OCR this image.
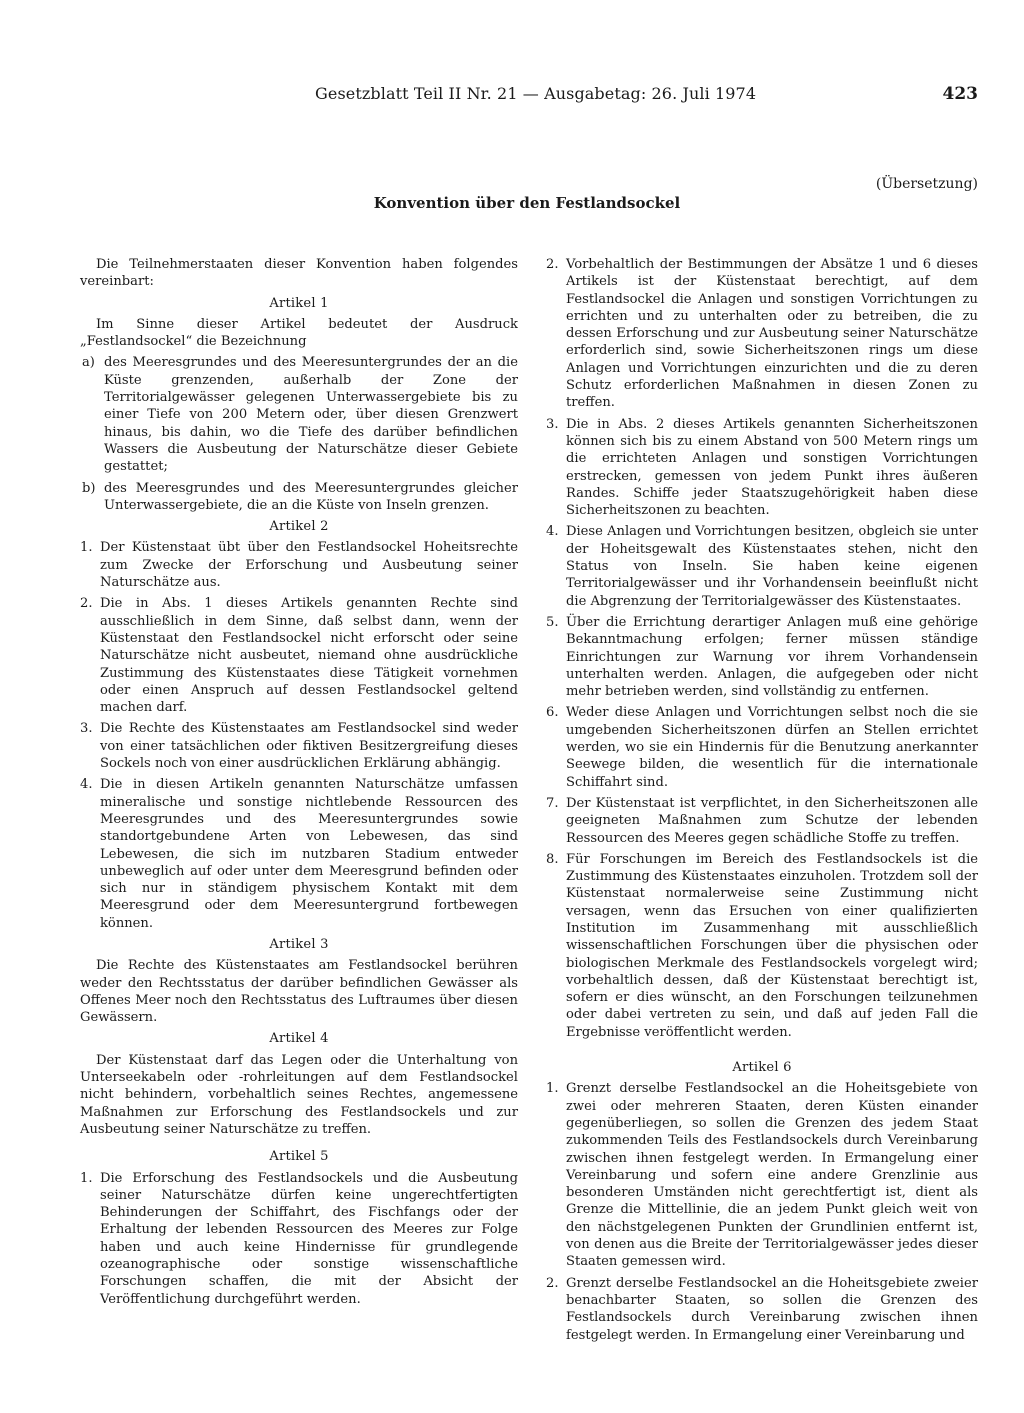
Gesetzblatt Teil II Nr. 21 — Ausgabetag: 26. Juli 1974	423
(Übersetzung)
Konvention über den Festlandsockel

Die Teilnehmerstaaten dieser Konvention haben folgendes vereinbart:

Artikel 1

Im Sinne dieser Artikel bedeutet der Ausdruck „Festlandsockel“ die Bezeichnung

a) des Meeresgrundes und des Meeresuntergrundes der an die Küste grenzenden, außerhalb der Zone der Territorialgewässer gelegenen Unterwassergebiete bis zu einer Tiefe von 200 Metern oder, über diesen Grenzwert hinaus, bis dahin, wo die Tiefe des darüber befindlichen Wassers die Ausbeutung der Naturschätze dieser Gebiete gestattet;
b) des Meeresgrundes und des Meeresuntergrundes gleicher Unterwassergebiete, die an die Küste von Inseln grenzen.
Artikel 2
1. Der Küstenstaat übt über den Festlandsockel Hoheitsrechte zum Zwecke der Erforschung und Ausbeutung seiner Naturschätze aus.
2. Die in Abs. 1 dieses Artikels genannten Rechte sind ausschließlich in dem Sinne, daß selbst dann, wenn der Küstenstaat den Festlandsockel nicht erforscht oder seine Naturschätze nicht ausbeutet, niemand ohne ausdrückliche Zustimmung des Küstenstaates diese Tätigkeit vornehmen oder einen Anspruch auf dessen Festlandsockel geltend machen darf.
3. Die Rechte des Küstenstaates am Festlandsockel sind weder von einer tatsächlichen oder fiktiven Besitzergreifung dieses Sockels noch von einer ausdrücklichen Erklärung abhängig.
4. Die in diesen Artikeln genannten Naturschätze umfassen mineralische und sonstige nichtlebende Ressourcen des Meeresgrundes und des Meeresuntergrundes sowie standortgebundene Arten von Lebewesen, das sind Lebewesen, die sich im nutzbaren Stadium entweder unbeweglich auf oder unter dem Meeresgrund befinden oder sich nur in ständigem physischem Kontakt mit dem Meeresgrund oder dem Meeresuntergrund fortbewegen können.
Artikel 3

Die Rechte des Küstenstaates am Festlandsockel berühren weder den Rechtsstatus der darüber befindlichen Gewässer als Offenes Meer noch den Rechtsstatus des Luftraumes über diesen Gewässern.

Artikel 4

Der Küstenstaat darf das Legen oder die Unterhaltung von Unterseekabeln oder -rohrleitungen auf dem Festlandsockel nicht behindern, vorbehaltlich seines Rechtes, angemessene Maßnahmen zur Erforschung des Festlandsockels und zur Ausbeutung seiner Naturschätze zu treffen.

Artikel 5
1. Die Erforschung des Festlandsockels und die Ausbeutung seiner Naturschätze dürfen keine ungerechtfertigten Behinderungen der Schiffahrt, des Fischfangs oder der Erhaltung der lebenden Ressourcen des Meeres zur Folge haben und auch keine Hindernisse für grundlegende ozeanographische oder sonstige wissenschaftliche Forschungen schaffen, die mit der Absicht der Veröffentlichung durchgeführt werden.
2. Vorbehaltlich der Bestimmungen der Absätze 1 und 6 dieses Artikels ist der Küstenstaat berechtigt, auf dem Festlandsockel die Anlagen und sonstigen Vorrichtungen zu errichten und zu unterhalten oder zu betreiben, die zu dessen Erforschung und zur Ausbeutung seiner Naturschätze erforderlich sind, sowie Sicherheitszonen rings um diese Anlagen und Vorrichtungen einzurichten und die zu deren Schutz erforderlichen Maßnahmen in diesen Zonen zu treffen.
3. Die in Abs. 2 dieses Artikels genannten Sicherheitszonen können sich bis zu einem Abstand von 500 Metern rings um die errichteten Anlagen und sonstigen Vorrichtungen erstrecken, gemessen von jedem Punkt ihres äußeren Randes. Schiffe jeder Staatszugehörigkeit haben diese Sicherheitszonen zu beachten.
4. Diese Anlagen und Vorrichtungen besitzen, obgleich sie unter der Hoheitsgewalt des Küstenstaates stehen, nicht den Status von Inseln. Sie haben keine eigenen Territorialgewässer und ihr Vorhandensein beeinflußt nicht die Abgrenzung der Territorialgewässer des Küstenstaates.
5. Über die Errichtung derartiger Anlagen muß eine gehörige Bekanntmachung erfolgen; ferner müssen ständige Einrichtungen zur Warnung vor ihrem Vorhandensein unterhalten werden. Anlagen, die aufgegeben oder nicht mehr betrieben werden, sind vollständig zu entfernen.
6. Weder diese Anlagen und Vorrichtungen selbst noch die sie umgebenden Sicherheitszonen dürfen an Stellen errichtet werden, wo sie ein Hindernis für die Benutzung anerkannter Seewege bilden, die wesentlich für die internationale Schiffahrt sind.
7. Der Küstenstaat ist verpflichtet, in den Sicherheitszonen alle geeigneten Maßnahmen zum Schutze der lebenden Ressourcen des Meeres gegen schädliche Stoffe zu treffen.
8. Für Forschungen im Bereich des Festlandsockels ist die Zustimmung des Küstenstaates einzuholen. Trotzdem soll der Küstenstaat normalerweise seine Zustimmung nicht versagen, wenn das Ersuchen von einer qualifizierten Institution im Zusammenhang mit ausschließlich wissenschaftlichen Forschungen über die physischen oder biologischen Merkmale des Festlandsockels vorgelegt wird; vorbehaltlich dessen, daß der Küstenstaat berechtigt ist, sofern er dies wünscht, an den Forschungen teilzunehmen oder dabei vertreten zu sein, und daß auf jeden Fall die Ergebnisse veröffentlicht werden.
Artikel 6
1. Grenzt derselbe Festlandsockel an die Hoheitsgebiete von zwei oder mehreren Staaten, deren Küsten einander gegenüberliegen, so sollen die Grenzen des jedem Staat zukommenden Teils des Festlandsockels durch Vereinbarung zwischen ihnen festgelegt werden. In Ermangelung einer Vereinbarung und sofern eine andere Grenzlinie aus besonderen Umständen nicht gerechtfertigt ist, dient als Grenze die Mittellinie, die an jedem Punkt gleich weit von den nächstgelegenen Punkten der Grundlinien entfernt ist, von denen aus die Breite der Territorialgewässer jedes dieser Staaten gemessen wird.
2. Grenzt derselbe Festlandsockel an die Hoheitsgebiete zweier benachbarter Staaten, so sollen die Grenzen des Festlandsockels durch Vereinbarung zwischen ihnen festgelegt werden. In Ermangelung einer Vereinbarung und
